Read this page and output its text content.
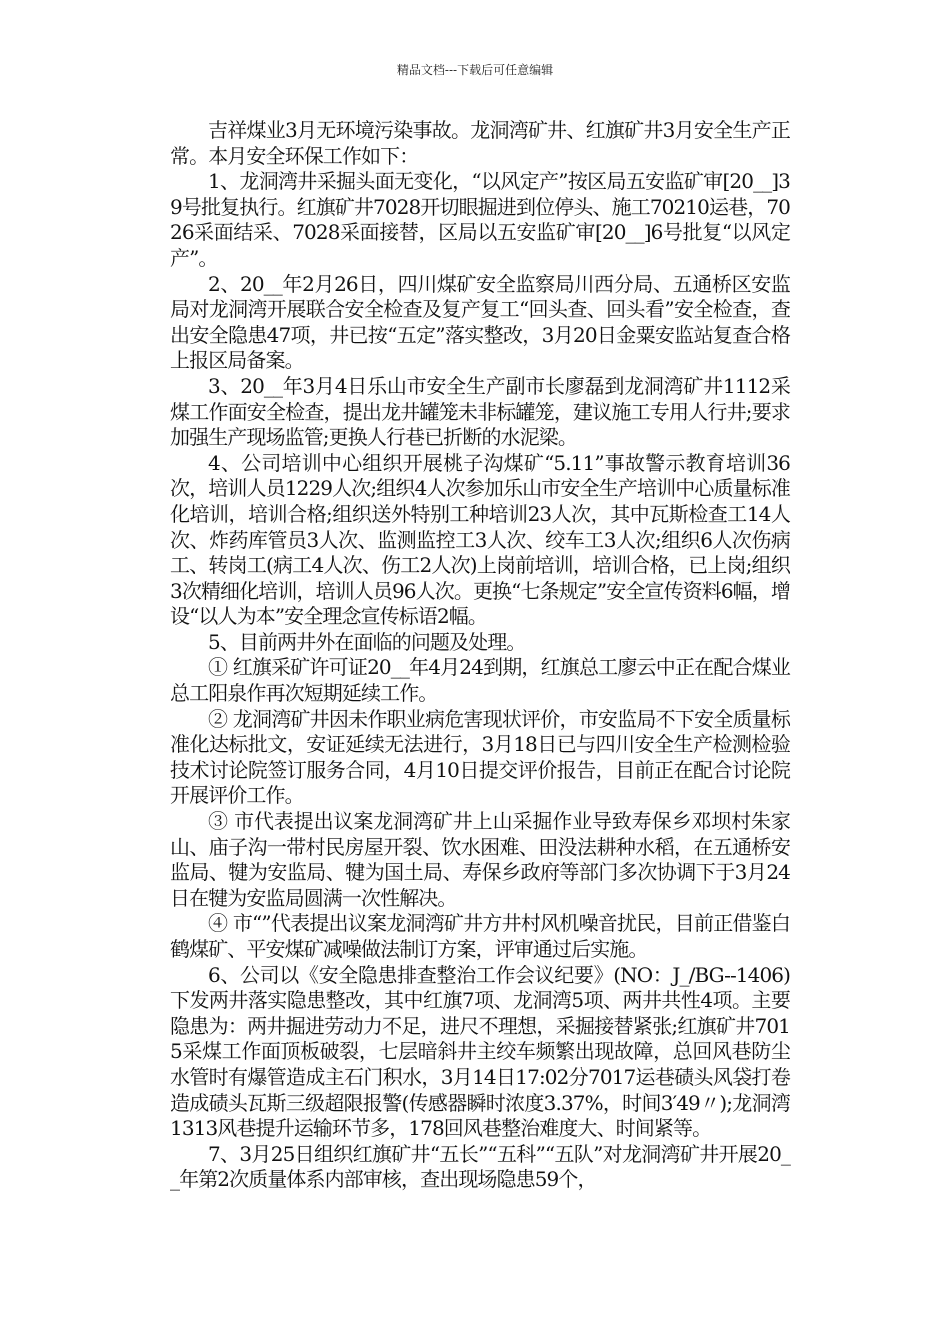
精品文档---下载后可任意编辑

吉祥煤业3月无环境污染事故。龙洞湾矿井、红旗矿井3月安全生产正常。本月安全环保工作如下：

1、龙洞湾井采掘头面无变化，“以风定产”按区局五安监矿审[20__]39号批复执行。红旗矿井7028开切眼掘进到位停头、施工70210运巷，7026采面结采、7028采面接替，区局以五安监矿审[20__]6号批复“以风定产”。

2、20__年2月26日，四川煤矿安全监察局川西分局、五通桥区安监局对龙洞湾开展联合安全检查及复产复工“回头查、回头看”安全检查，查出安全隐患47项，井已按“五定”落实整改，3月20日金粟安监站复查合格上报区局备案。

3、20__年3月4日乐山市安全生产副市长廖磊到龙洞湾矿井1112采煤工作面安全检查，提出龙井罐笼未非标罐笼，建议施工专用人行井;要求加强生产现场监管;更换人行巷已折断的水泥梁。

4、公司培训中心组织开展桃子沟煤矿“5.11”事故警示教育培训36次，培训人员1229人次;组织4人次参加乐山市安全生产培训中心质量标准化培训，培训合格;组织送外特别工种培训23人次，其中瓦斯检查工14人次、炸药库管员3人次、监测监控工3人次、绞车工3人次;组织6人次伤病工、转岗工(病工4人次、伤工2人次)上岗前培训，培训合格，已上岗;组织3次精细化培训，培训人员96人次。更换“七条规定”安全宣传资料6幅，增设“以人为本”安全理念宣传标语2幅。

5、目前两井外在面临的问题及处理。

① 红旗采矿许可证20__年4月24到期，红旗总工廖云中正在配合煤业总工阳泉作再次短期延续工作。

② 龙洞湾矿井因未作职业病危害现状评价，市安监局不下安全质量标准化达标批文，安证延续无法进行，3月18日已与四川安全生产检测检验技术讨论院签订服务合同，4月10日提交评价报告，目前正在配合讨论院开展评价工作。

③ 市代表提出议案龙洞湾矿井上山采掘作业导致寿保乡邓坝村朱家山、庙子沟一带村民房屋开裂、饮水困难、田没法耕种水稻，在五通桥安监局、犍为安监局、犍为国土局、寿保乡政府等部门多次协调下于3月24日在犍为安监局圆满一次性解决。

④ 市“”代表提出议案龙洞湾矿井方井村风机噪音扰民，目前正借鉴白鹤煤矿、平安煤矿减噪做法制订方案，评审通过后实施。

6、公司以《安全隐患排查整治工作会议纪要》(NO：J_/BG--1406)下发两井落实隐患整改，其中红旗7项、龙洞湾5项、两井共性4项。主要隐患为：两井掘进劳动力不足，进尺不理想，采掘接替紧张;红旗矿井7015采煤工作面顶板破裂，七层暗斜井主绞车频繁出现故障，总回风巷防尘水管时有爆管造成主石门积水，3月14日17:02分7017运巷碛头风袋打卷造成碛头瓦斯三级超限报警(传感器瞬时浓度3.37%，时间3′49〃);龙洞湾1313风巷提升运输环节多，178回风巷整治难度大、时间紧等。

7、3月25日组织红旗矿井“五长”“五科”“五队”对龙洞湾矿井开展20__年第2次质量体系内部审核，查出现场隐患59个，
